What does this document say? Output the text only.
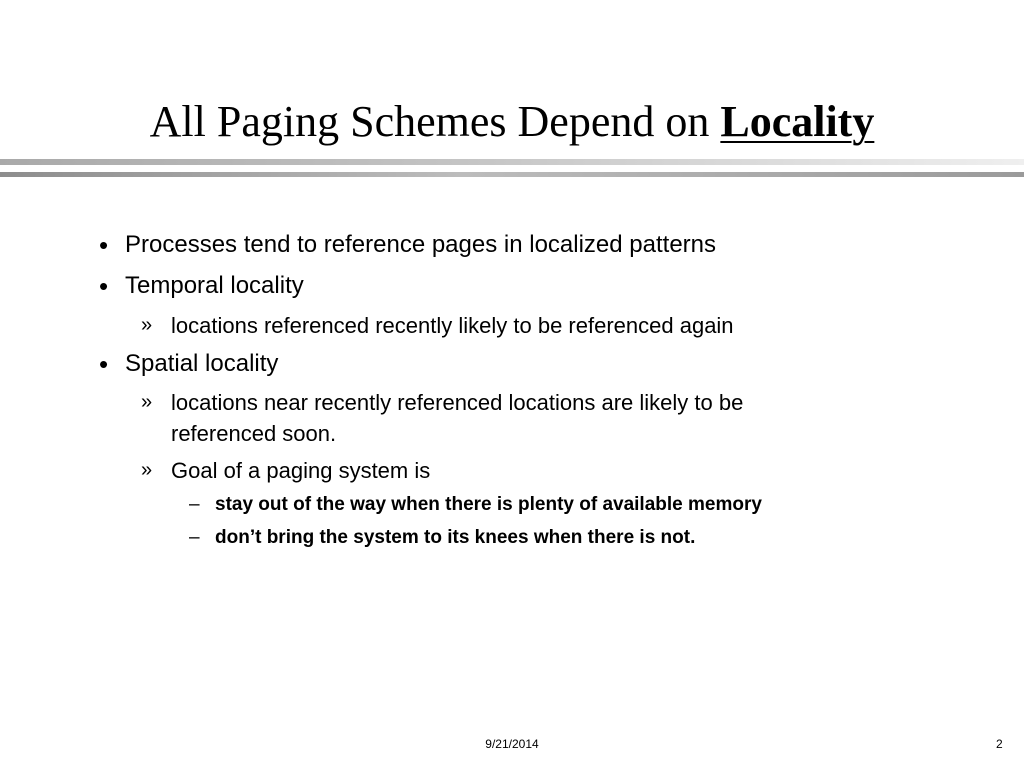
All Paging Schemes Depend on Locality
• Processes tend to reference pages in localized patterns
• Temporal locality
» locations referenced recently likely to be referenced again
• Spatial locality
» locations near recently referenced locations are likely to be
referenced soon.
» Goal of a paging system is
– stay out of the way when there is plenty of available memory
– don’t bring the system to its knees when there is not.
9/21/2014	2
